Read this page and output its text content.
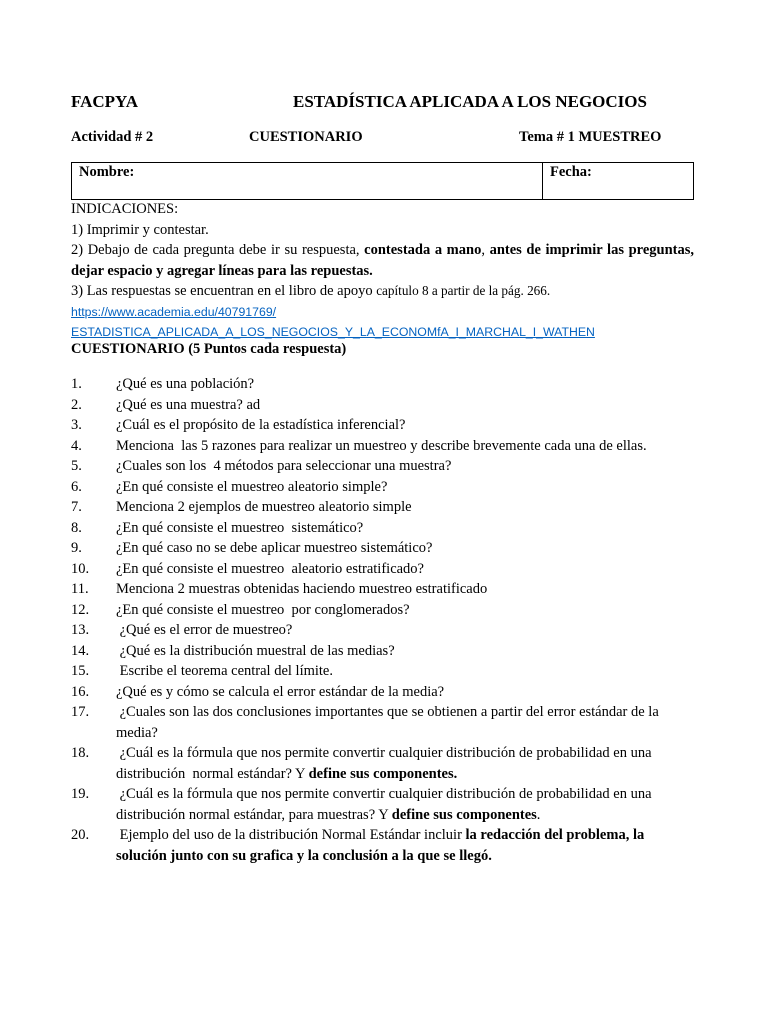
FACPYA	ESTADÍSTICA APLICADA A LOS NEGOCIOS
Actividad # 2	CUESTIONARIO	Tema # 1 MUESTREO
Nombre:	Fecha:

INDICACIONES:

1) Imprimir y contestar.

2) Debajo de cada pregunta debe ir su respuesta, contestada a mano, antes de imprimir las preguntas, dejar espacio y agregar líneas para las repuestas.

3) Las respuestas se encuentran en el libro de apoyo capítulo 8 a partir de la pág. 266.

https://www.academia.edu/40791769/

ESTADISTICA_APLICADA_A_LOS_NEGOCIOS_Y_LA_ECONOMfA_I_MARCHAL_I_WATHEN

CUESTIONARIO (5 Puntos cada respuesta)
1. ¿Qué es una población?
2. ¿Qué es una muestra? ad
3. ¿Cuál es el propósito de la estadística inferencial?
4. Menciona  las 5 razones para realizar un muestreo y describe brevemente cada una de ellas.
5. ¿Cuales son los  4 métodos para seleccionar una muestra?
6. ¿En qué consiste el muestreo aleatorio simple?
7. Menciona 2 ejemplos de muestreo aleatorio simple
8. ¿En qué consiste el muestreo  sistemático?
9. ¿En qué caso no se debe aplicar muestreo sistemático?
10. ¿En qué consiste el muestreo  aleatorio estratificado?
11. Menciona 2 muestras obtenidas haciendo muestreo estratificado
12. ¿En qué consiste el muestreo  por conglomerados?
13. ¿Qué es el error de muestreo?
14. ¿Qué es la distribución muestral de las medias?
15. Escribe el teorema central del límite.
16. ¿Qué es y cómo se calcula el error estándar de la media?
17. ¿Cuales son las dos conclusiones importantes que se obtienen a partir del error estándar de la media?
18. ¿Cuál es la fórmula que nos permite convertir cualquier distribución de probabilidad en una distribución  normal estándar? Y define sus componentes.
19. ¿Cuál es la fórmula que nos permite convertir cualquier distribución de probabilidad en una distribución normal estándar, para muestras? Y define sus componentes.
20. Ejemplo del uso de la distribución Normal Estándar incluir la redacción del problema, la solución junto con su grafica y la conclusión a la que se llegó.
